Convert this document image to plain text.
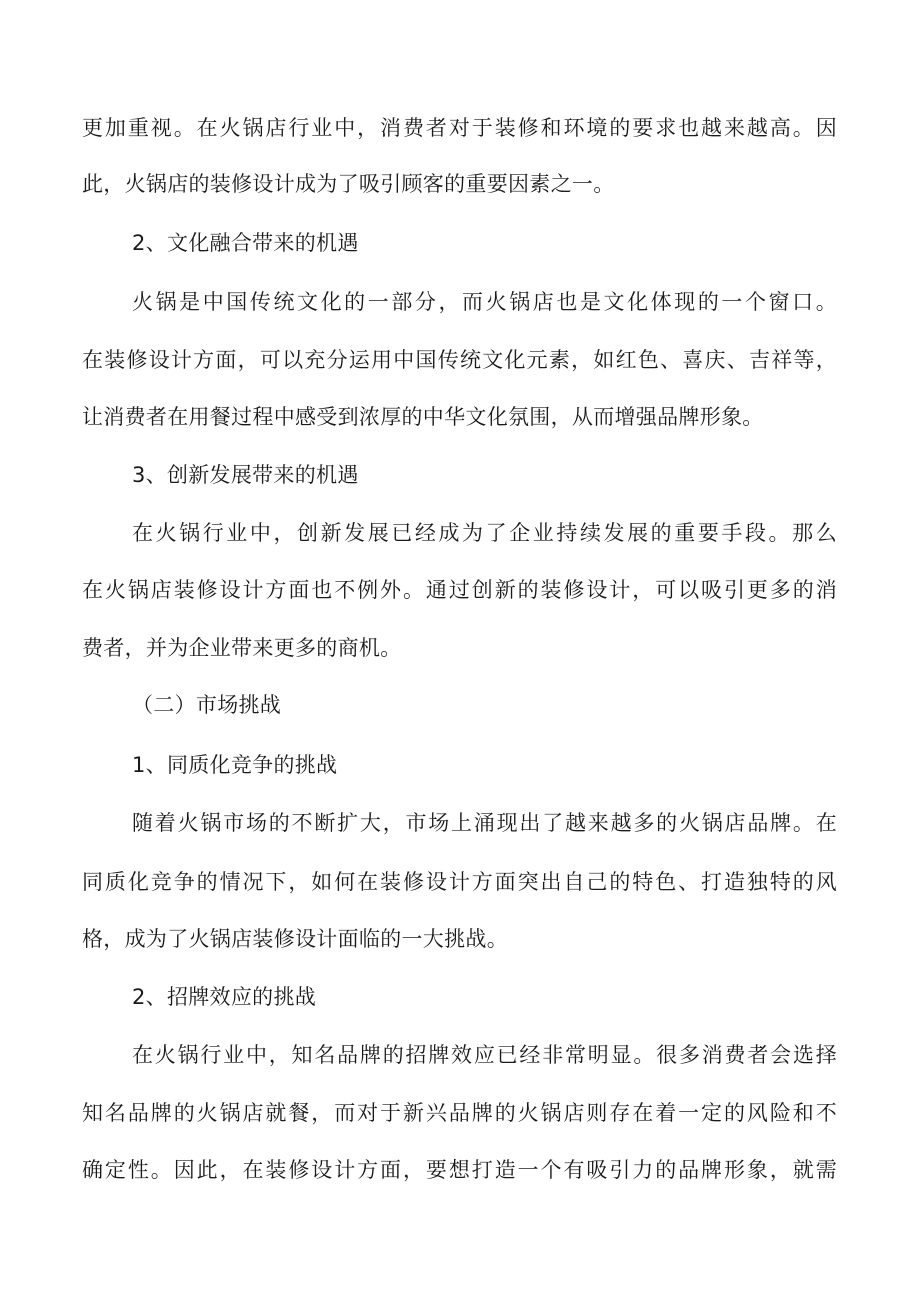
更加重视。在火锅店行业中，消费者对于装修和环境的要求也越来越高。因
此，火锅店的装修设计成为了吸引顾客的重要因素之一。
2、文化融合带来的机遇
火锅是中国传统文化的一部分，而火锅店也是文化体现的一个窗口。
在装修设计方面，可以充分运用中国传统文化元素，如红色、喜庆、吉祥等，
让消费者在用餐过程中感受到浓厚的中华文化氛围，从而增强品牌形象。
3、创新发展带来的机遇
在火锅行业中，创新发展已经成为了企业持续发展的重要手段。那么
在火锅店装修设计方面也不例外。通过创新的装修设计，可以吸引更多的消
费者，并为企业带来更多的商机。
（二）市场挑战
1、同质化竞争的挑战
随着火锅市场的不断扩大，市场上涌现出了越来越多的火锅店品牌。在
同质化竞争的情况下，如何在装修设计方面突出自己的特色、打造独特的风
格，成为了火锅店装修设计面临的一大挑战。
2、招牌效应的挑战
在火锅行业中，知名品牌的招牌效应已经非常明显。很多消费者会选择
知名品牌的火锅店就餐，而对于新兴品牌的火锅店则存在着一定的风险和不
确定性。因此，在装修设计方面，要想打造一个有吸引力的品牌形象，就需
